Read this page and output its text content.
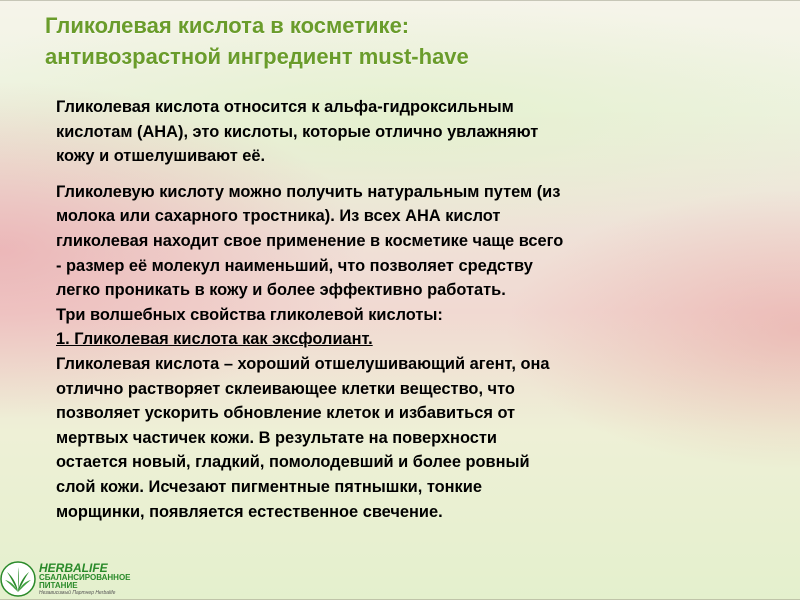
Гликолевая кислота в косметике:
антивозрастной ингредиент must-have

Гликолевая кислота относится к альфа-гидроксильным
кислотам (АНА), это кислоты, которые отлично увлажняют
кожу и отшелушивают её.

Гликолевую кислоту можно получить натуральным путем (из
молока или сахарного тростника). Из всех АНА кислот
гликолевая находит свое применение в косметике чаще всего
- размер её молекул наименьший, что позволяет средству
легко проникать в кожу и более эффективно работать.
Три волшебных свойства гликолевой кислоты:
1. Гликолевая кислота как эксфолиант.
Гликолевая кислота – хороший отшелушивающий агент, она
отлично растворяет склеивающее клетки вещество, что
позволяет ускорить обновление клеток и избавиться от
мертвых частичек кожи. В результате на поверхности
остается новый, гладкий, помолодевший и более ровный
слой кожи. Исчезают пигментные пятнышки, тонкие
морщинки, появляется естественное свечение.

HERBALIFE
СБАЛАНСИРОВАННОЕ
ПИТАНИЕ
Независимый Партнер Herbalife
